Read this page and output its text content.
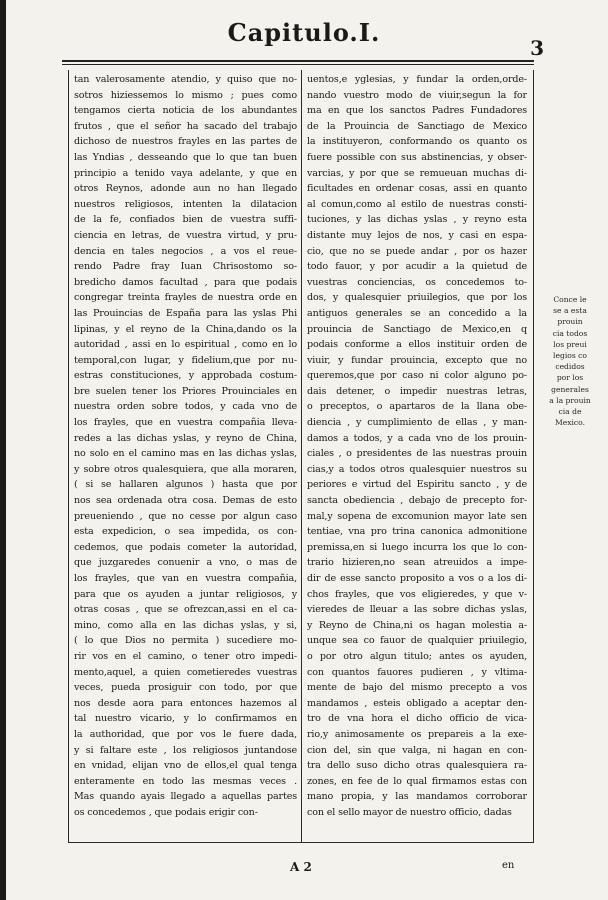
Capitulo.I.
3
tan valerosamente atendio, y quiso que no-
sotros hiziessemos lo mismo ; pues como
tengamos cierta noticia de los abundantes
frutos , que el señor ha sacado del trabajo
dichoso de nuestros frayles en las partes de
las Yndias , desseando que lo que tan buen
principio a tenido vaya adelante, y que en
otros Reynos, adonde aun no han llegado
nuestros religiosos, intenten la dilatacion
de la fe, confiados bien de vuestra suffi-
ciencia en letras, de vuestra virtud, y pru-
dencia en tales negocios , a vos el reue-
rendo Padre fray Iuan Chrisostomo so-
bredicho damos facultad , para que podais
congregar treinta frayles de nuestra orde en
las Prouincias de España para las yslas Phi
lipinas, y el reyno de la China,dando os la
autoridad , assi en lo espiritual , como en lo
temporal,con lugar, y fidelium,que por nu-
estras constituciones, y approbada costum-
bre suelen tener los Priores Prouinciales en
nuestra orden sobre todos, y cada vno de
los frayles, que en vuestra compañia lleva-
redes a las dichas yslas, y reyno de China,
no solo en el camino mas en las dichas yslas,
y sobre otros qualesquiera, que alla moraren,
( si se hallaren algunos ) hasta que por
nos sea ordenada otra cosa. Demas de esto
preueniendo , que no cesse por algun caso
esta expedicion, o sea impedida, os con-
cedemos, que podais cometer la autoridad,
que juzgaredes conuenir a vno, o mas de
los frayles, que van en vuestra compañia,
para que os ayuden a juntar religiosos, y
otras cosas , que se ofrezcan,assi en el ca-
mino, como alla en las dichas yslas, y si,
( lo que Dios no permita ) sucediere mo-
rir vos en el camino, o tener otro impedi-
mento,aquel, a quien cometieredes vuestras
veces, pueda prosiguir con todo, por que
nos desde aora para entonces hazemos al
tal nuestro vicario, y lo confirmamos en
la authoridad, que por vos le fuere dada,
y si faltare este , los religiosos juntandose
en vnidad, elijan vno de ellos,el qual tenga
enteramente en todo las mesmas veces .
Mas quando ayais llegado a aquellas partes
os concedemos , que podais erigir con-
uentos,e yglesias, y fundar la orden,orde-
nando vuestro modo de viuir,segun la for
ma en que los sanctos Padres Fundadores
de la Prouincia de Sanctiago de Mexico
la instituyeron, conformando os quanto os
fuere possible con sus abstinencias, y obser-
varcias, y por que se remueuan muchas di-
ficultades en ordenar cosas, assi en quanto
al comun,como al estilo de nuestras consti-
tuciones, y las dichas yslas , y reyno esta
distante muy lejos de nos, y casi en espa-
cio, que no se puede andar , por os hazer
todo fauor, y por acudir a la quietud de
vuestras conciencias, os concedemos to-
dos, y qualesquier priuilegios, que por los
antiguos generales se an concedido a la
prouincia de Sanctiago de Mexico,en q
podais conforme a ellos instituir orden de
viuir, y fundar prouincia, excepto que no
queremos,que por caso ni color alguno po-
dais detener, o impedir nuestras letras,
o preceptos, o apartaros de la llana obe-
diencia , y cumplimiento de ellas , y man-
damos a todos, y a cada vno de los prouin-
ciales , o presidentes de las nuestras prouin
cias,y a todos otros qualesquier nuestros su
periores e virtud del Espiritu sancto , y de
sancta obediencia , debajo de precepto for-
mal,y sopena de excomunion mayor late sen
tentiae, vna pro trina canonica admonitione
premissa,en si luego incurra los que lo con-
trario hizieren,no sean atreuidos a impe-
dir de esse sancto proposito a vos o a los di-
chos frayles, que vos eligieredes, y que v-
vieredes de lleuar a las sobre dichas yslas,
y Reyno de China,ni os hagan molestia a-
unque sea co fauor de qualquier priuilegio,
o por otro algun titulo; antes os ayuden,
con quantos fauores pudieren , y vltima-
mente de bajo del mismo precepto a vos
mandamos , esteis obligado a aceptar den-
tro de vna hora el dicho officio de vica-
rio,y animosamente os prepareis a la exe-
cion del, sin que valga, ni hagan en con-
tra dello suso dicho otras qualesquiera ra-
zones, en fee de lo qual firmamos estas con
mano propia, y las mandamos corroborar
con el sello mayor de nuestro officio, dadas
Conce le
se a esta
prouin
cia todos
los preui
legios co
cedidos
por los
generales
a la prouin
cia de
Mexico.
A 2	en
